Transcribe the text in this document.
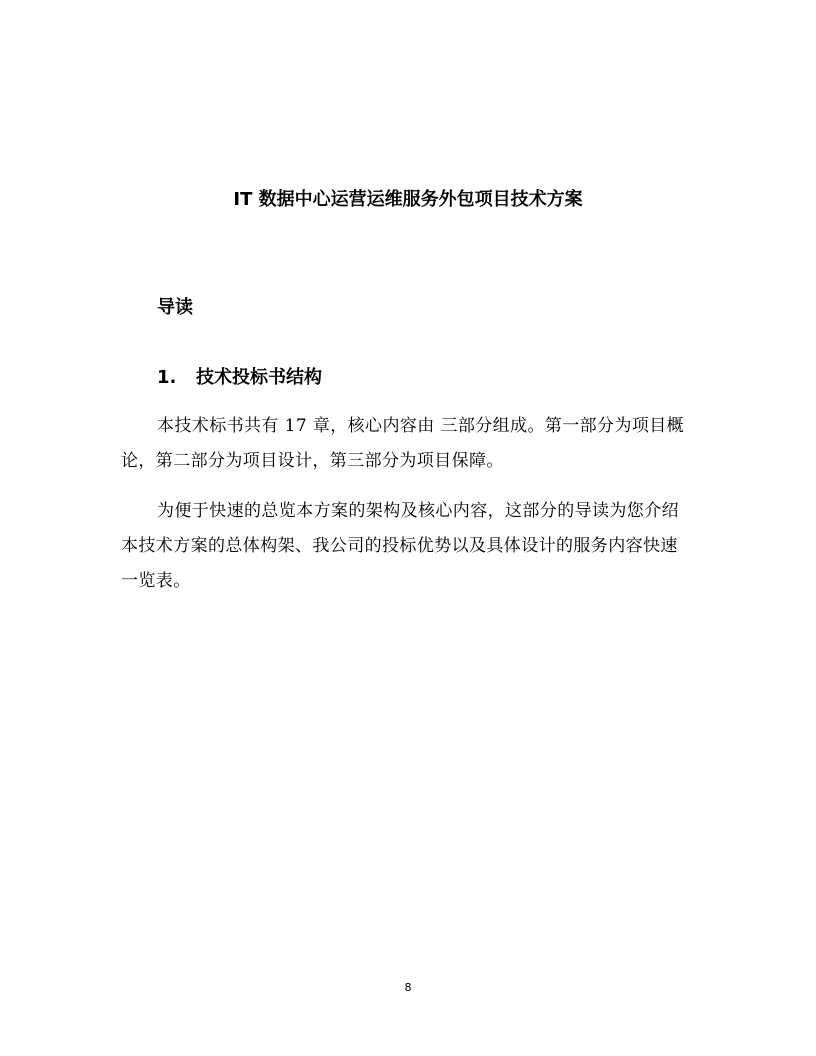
IT 数据中心运营运维服务外包项目技术方案
导读
1. 技术投标书结构

本技术标书共有 17 章，核心内容由 三部分组成。第一部分为项目概论，第二部分为项目设计，第三部分为项目保障。

为便于快速的总览本方案的架构及核心内容，这部分的导读为您介绍本技术方案的总体构架、我公司的投标优势以及具体设计的服务内容快速一览表。

8
